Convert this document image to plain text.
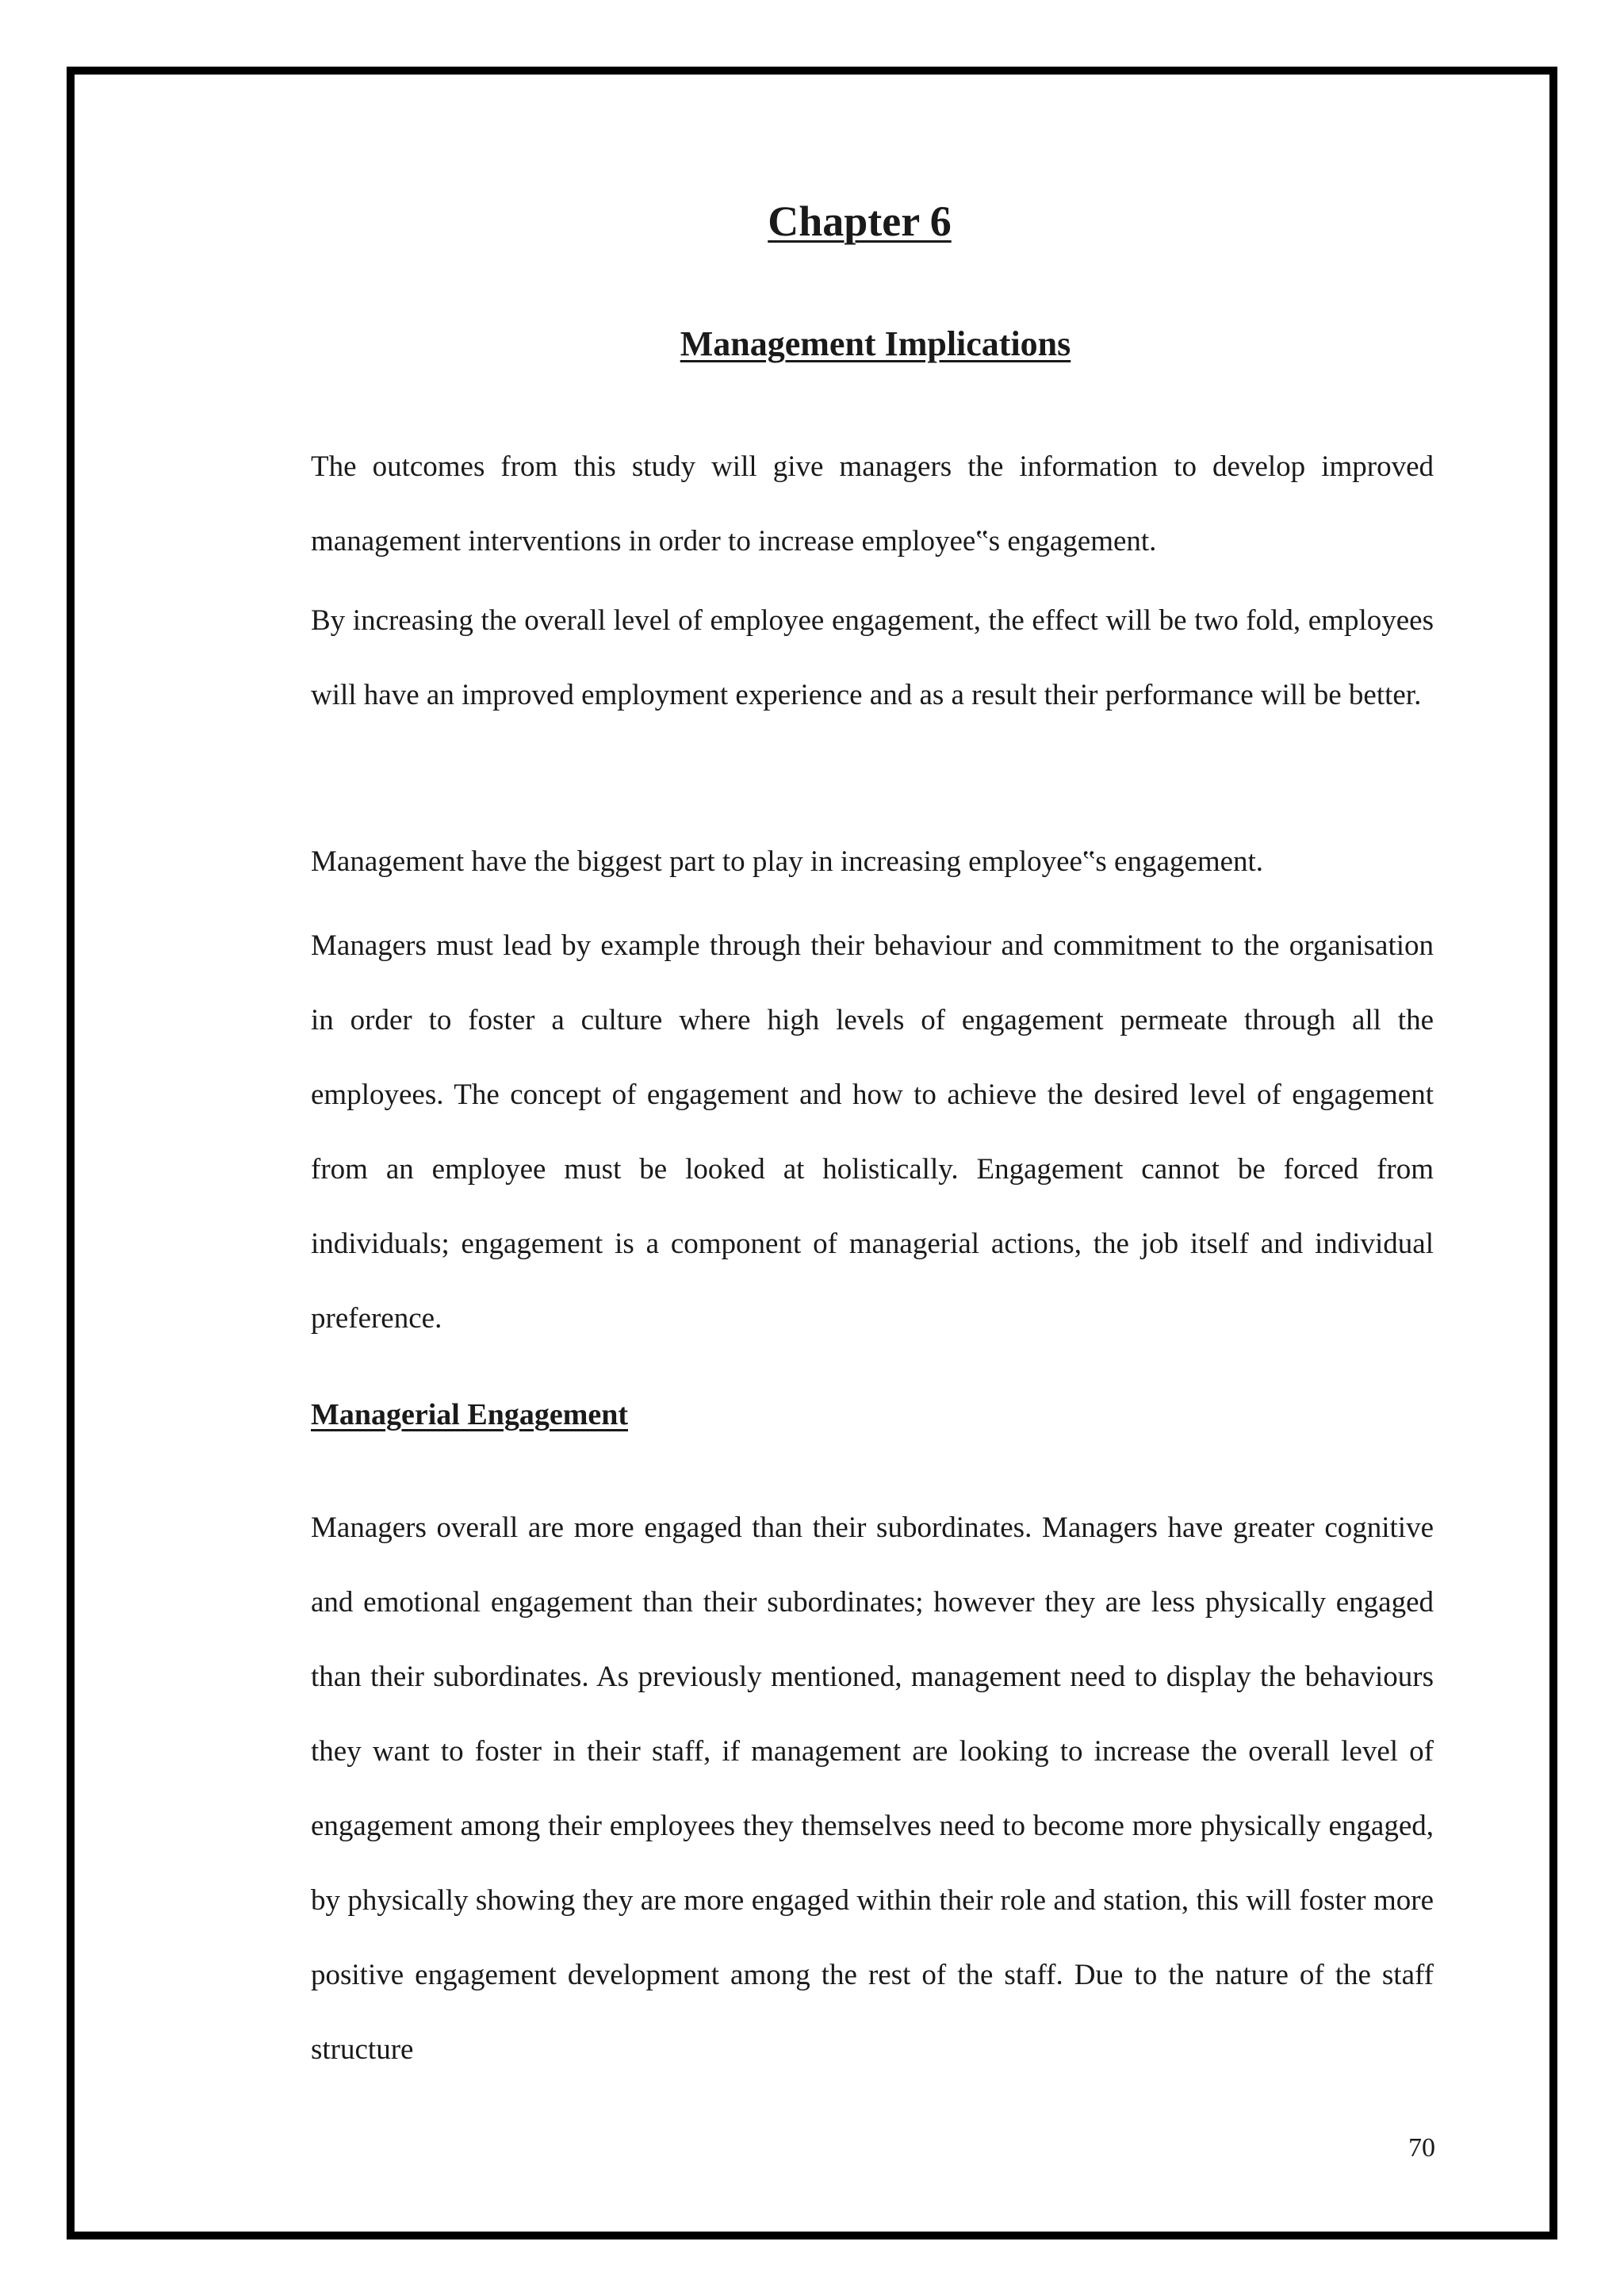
Chapter 6
Management Implications

The outcomes from this study will give managers the information to develop improved management interventions in order to increase employee‟s engagement.

By increasing the overall level of employee engagement, the effect will be two fold, employees will have an improved employment experience and as a result their performance will be better.

Management have the biggest part to play in increasing employee‟s engagement.

Managers must lead by example through their behaviour and commitment to the organisation in order to foster a culture where high levels of engagement permeate through all the employees. The concept of engagement and how to achieve the desired level of engagement from an employee must be looked at holistically. Engagement cannot be forced from individuals; engagement is a component of managerial actions, the job itself and individual preference.

Managerial Engagement

Managers overall are more engaged than their subordinates. Managers have greater cognitive and emotional engagement than their subordinates; however they are less physically engaged than their subordinates. As previously mentioned, management need to display the behaviours they want to foster in their staff, if management are looking to increase the overall level of engagement among their employees they themselves need to become more physically engaged, by physically showing they are more engaged within their role and station, this will foster more positive engagement development among the rest of the staff. Due to the nature of the staff structure

70
